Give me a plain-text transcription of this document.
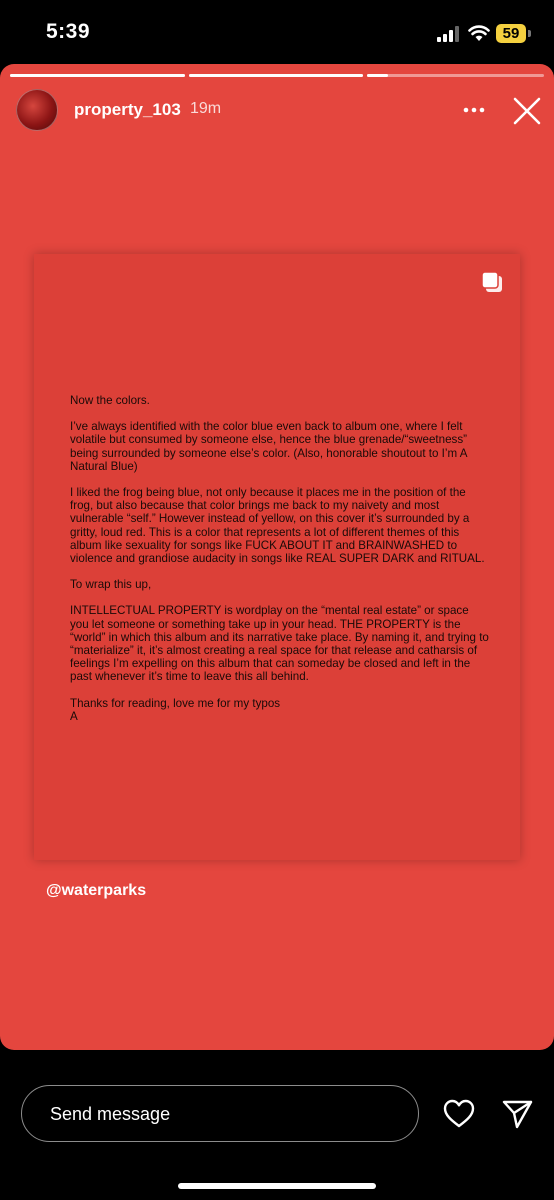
5:39	59
property_103 19m

Now the colors.

I’ve always identified with the color blue even back to album one, where I felt volatile but consumed by someone else, hence the blue grenade/“sweetness” being surrounded by someone else’s color. (Also, honorable shoutout to I’m A Natural Blue)

I liked the frog being blue, not only because it places me in the position of the frog, but also because that color brings me back to my naivety and most vulnerable “self.” However instead of yellow, on this cover it’s surrounded by a gritty, loud red. This is a color that represents a lot of different themes of this album like sexuality for songs like FUCK ABOUT IT and BRAINWASHED to violence and grandiose audacity in songs like REAL SUPER DARK and RITUAL.

To wrap this up,

INTELLECTUAL PROPERTY is wordplay on the “mental real estate” or space you let someone or something take up in your head. THE PROPERTY is the “world” in which this album and its narrative take place. By naming it, and trying to “materialize” it, it’s almost creating a real space for that release and catharsis of feelings I’m expelling on this album that can someday be closed and left in the past whenever it’s time to leave this all behind.

Thanks for reading, love me for my typos

A

@waterparks
Send message
